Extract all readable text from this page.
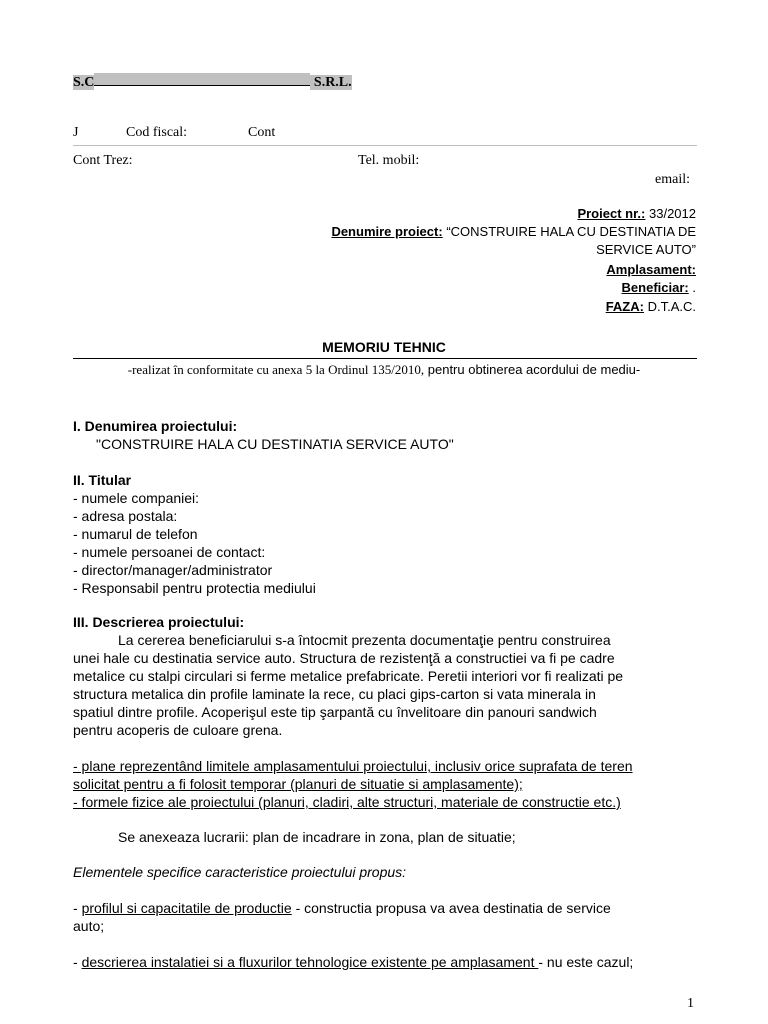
S.C	S.R.L.
J	Cod fiscal:	Cont
Cont Trez:	Tel. mobil:
email:
Proiect nr.: 33/2012
Denumire proiect: “CONSTRUIRE HALA CU DESTINATIA DE
SERVICE AUTO”
Amplasament:
Beneficiar: .
FAZA: D.T.A.C.
MEMORIU TEHNIC
-realizat în conformitate cu anexa 5 la Ordinul 135/2010, pentru obtinerea acordului de mediu-
I. Denumirea proiectului:
"CONSTRUIRE HALA CU DESTINATIA SERVICE AUTO"
II. Titular
- numele companiei:
- adresa postala:
- numarul de telefon
- numele persoanei de contact:
- director/manager/administrator
- Responsabil pentru protectia mediului
III. Descrierea proiectului:
La cererea beneficiarului s-a întocmit prezenta documentaţie pentru construirea
unei hale cu destinatia service auto. Structura de rezistenţă a constructiei va fi pe cadre
metalice cu stalpi circulari si ferme metalice prefabricate. Peretii interiori vor fi realizati pe
structura metalica din profile laminate la rece, cu placi gips-carton si vata minerala in
spatiul dintre profile. Acoperişul este tip şarpantă cu învelitoare din panouri sandwich
pentru acoperis de culoare grena.
- plane reprezentând limitele amplasamentului proiectului, inclusiv orice suprafata de teren
solicitat pentru a fi folosit temporar (planuri de situatie si amplasamente);
- formele fizice ale proiectului (planuri, cladiri, alte structuri, materiale de constructie etc.)
Se anexeaza lucrarii: plan de incadrare in zona, plan de situatie;
Elementele specifice caracteristice proiectului propus:
- profilul si capacitatile de productie - constructia propusa va avea destinatia de service
auto;
- descrierea instalatiei si a fluxurilor tehnologice existente pe amplasament - nu este cazul;
1
